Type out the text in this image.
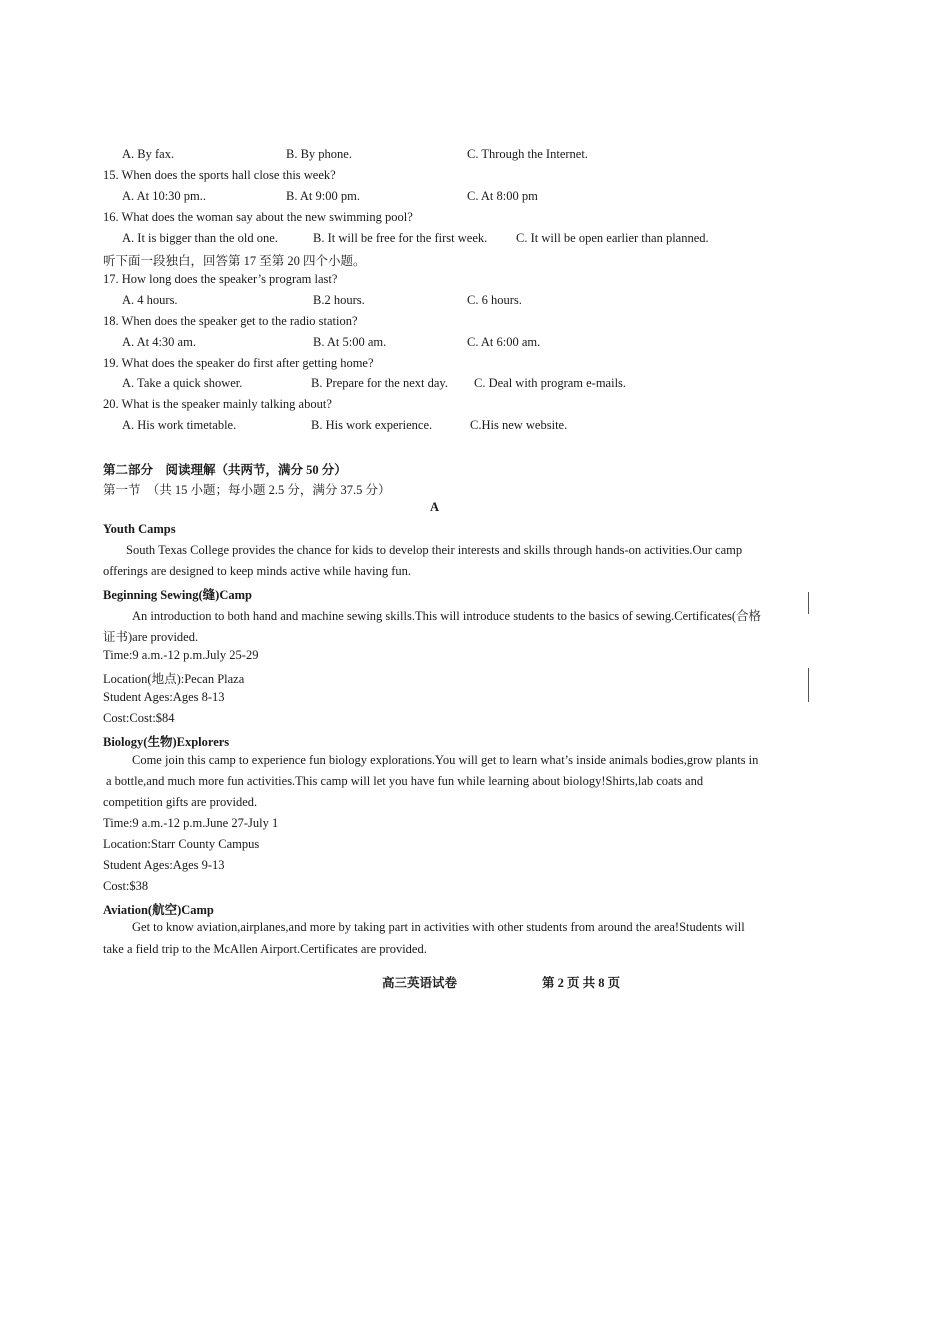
A. By fax.	B. By phone.	C. Through the Internet.
15. When does the sports hall close this week?
A. At 10:30 pm..	B. At 9:00 pm.	C. At 8:00 pm
16. What does the woman say about the new swimming pool?
A. It is bigger than the old one.	B. It will be free for the first week. C. It will be open earlier than planned.
听下面一段独白，回答第 17 至第 20 四个小题。
17. How long does the speaker’s program last?
A. 4 hours.	B.2 hours.	C. 6 hours.
18. When does the speaker get to the radio station?
A. At 4:30 am.	B. At 5:00 am.	C. At 6:00 am.
19. What does the speaker do first after getting home?
A. Take a quick shower.	B. Prepare for the next day. C. Deal with program e-mails.
20. What is the speaker mainly talking about?
A. His work timetable.	B. His work experience.	C.His new website.
第二部分　阅读理解（共两节，满分 50 分）
第一节　（共 15 小题；每小题 2.5 分，满分 37.5 分）
A
Youth Camps
South Texas College provides the chance for kids to develop their interests and skills through hands-on activities.Our camp
offerings are designed to keep minds active while having fun.
Beginning Sewing(缝)Camp
An introduction to both hand and machine sewing skills.This will introduce students to the basics of sewing.Certificates(合格
证书)are provided.
Time:9 a.m.-12 p.m.July 25-29
Location(地点):Pecan Plaza
Student Ages:Ages 8-13
Cost:Cost:$84
Biology(生物)Explorers
Come join this camp to experience fun biology explorations.You will get to learn what’s inside animals bodies,grow plants in
a bottle,and much more fun activities.This camp will let you have fun while learning about biology!Shirts,lab coats and
competition gifts are provided.
Time:9 a.m.-12 p.m.June 27-July 1
Location:Starr County Campus
Student Ages:Ages 9-13
Cost:$38
Aviation(航空)Camp
Get to know aviation,airplanes,and more by taking part in activities with other students from around the area!Students will
take a field trip to the McAllen Airport.Certificates are provided.
高三英语试卷	第 2 页 共 8 页
